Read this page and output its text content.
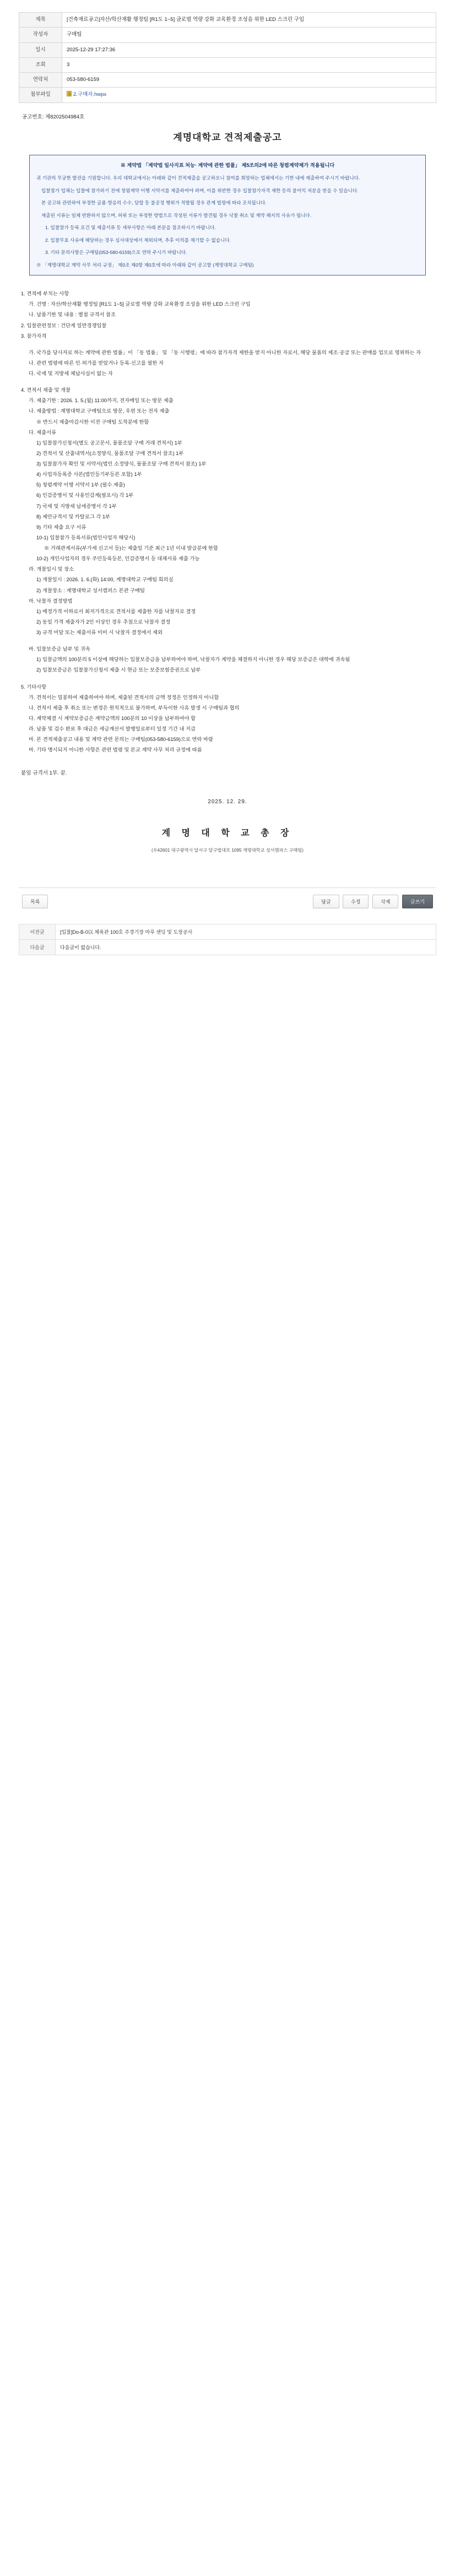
제목	[건축재료공고]자산/학산재활 행정팀 [R1도 1~5] 글로벌 역량 강화 교육환경 조성을 위한 LED 스크린 구입
작성자	구매팀
일시	2025-12-29 17:27:36
조회	3
연락처	053-580-6159
첨부파일	2.구매자.hwpx
공고번호: 제8202504984호
계명대학교 견적제출공고
※ 계약법 「계약법 일사지표 처능· 계약에 관한 법률」 제5조의2에 따른 청렴계약제가 적용됩니다

귀 기관의 무궁한 발전을 기원합니다. 우리 대학교에서는 아래와 같이 견적제출을 공고하오니 참여를 희망하는 업체에서는 기한 내에 제출하여 주시기 바랍니다.

입찰참가 업체는 입찰에 참가하기 전에 청렴계약 이행 서약서를 제출하여야 하며, 이를 위반한 경우 입찰참가자격 제한 등의 불이익 처분을 받을 수 있습니다.

본 공고와 관련하여 부정한 금품·향응의 수수, 담합 등 불공정 행위가 적발될 경우 관계 법령에 따라 조치됩니다.

제출된 서류는 일체 반환하지 않으며, 허위 또는 부정한 방법으로 작성된 서류가 발견될 경우 낙찰 취소 및 계약 해지의 사유가 됩니다.

1. 입찰참가 등록 요건 및 제출서류 등 세부사항은 아래 본문을 참조하시기 바랍니다.

2. 입찰무효 사유에 해당하는 경우 심사대상에서 제외되며, 추후 이의를 제기할 수 없습니다.

3. 기타 문의사항은 구매팀(053-580-6159)으로 연락 주시기 바랍니다.

※ 「계명대학교 계약 사무 처리 규정」 제0조 제0항 제0호에 따라 아래와 같이 공고함 (계명대학교 구매팀)

1. 견적에 부치는 사항
가. 건명 : 자산/학산재활 행정팀 [R1도 1~5] 글로벌 역량 강화 교육환경 조성을 위한 LED 스크린 구입
나. 납품기한 및 내용 : 별첨 규격서 참조
2. 입찰관련정보 : 건단계 일반경쟁입찰
3. 참가자격
가. 국가를 당사자로 하는 계약에 관한 법률」이 「동 법률」 및 「동 시행령」에 따라 참가자격 제한을 받지 아니한 자로서, 해당 물품의 제조·공급 또는 판매를 업으로 영위하는 자
나. 관련 법령에 따른 인·허가를 받았거나 등록·신고를 필한 자
다. 국세 및 지방세 체납사실이 없는 자
4. 견적서 제출 및 개찰
가. 제출기한 : 2026. 1. 5.(월) 11:00까지, 전자메일 또는 방문 제출
나. 제출방법 : 계명대학교 구매팀으로 방문, 우편 또는 전자 제출
※ 반드시 제출마감시한 이전 구매팀 도착분에 한함
다. 제출서류
1) 입찰참가신청서(별도 공고문서, 물품조달 구매 거래 견적서) 1부
2) 견적서 및 산출내역서(소정양식, 물품조달 구매 견적서 참조) 1부
3) 입찰참가자 확인 및 서약서(법인 소정양식, 물품조달 구매 견적서 참조) 1부
4) 사업자등록증 사본(법인등기부등본 포함) 1부
5) 청렴계약 이행 서약서 1부 (필수 제출)
6) 인감증명서 및 사용인감계(필요시) 각 1부
7) 국세 및 지방세 납세증명서 각 1부
8) 제안규격서 및 카탈로그 각 1부
9) 기타 제출 요구 서류
10-1) 입찰참가 등록서류(법인사업자 해당시)
※ 거래관계서류(부가세 신고서 등)는 제출일 기준 최근 1년 이내 발급분에 한함
10-2) 개인사업자의 경우 주민등록등본, 인감증명서 등 대체서류 제출 가능
라. 개찰일시 및 장소
1) 개찰일시 : 2026. 1. 6.(화) 14:00, 계명대학교 구매팀 회의실
2) 개찰장소 : 계명대학교 성서캠퍼스 본관 구매팀
마. 낙찰자 결정방법
1) 예정가격 이하로서 최저가격으로 견적서를 제출한 자를 낙찰자로 결정
2) 동일 가격 제출자가 2인 이상인 경우 추첨으로 낙찰자 결정
3) 규격 미달 또는 제출서류 미비 시 낙찰자 결정에서 제외
바. 입찰보증금 납부 및 귀속
1) 입찰금액의 100분의 5 이상에 해당하는 입찰보증금을 납부하여야 하며, 낙찰자가 계약을 체결하지 아니한 경우 해당 보증금은 대학에 귀속됨
2) 입찰보증금은 입찰참가신청서 제출 시 현금 또는 보증보험증권으로 납부
5. 기타사항
가. 견적서는 밀봉하여 제출하여야 하며, 제출된 견적서의 금액 정정은 인정하지 아니함
나. 견적서 제출 후 취소 또는 변경은 원칙적으로 불가하며, 부득이한 사유 발생 시 구매팀과 협의
다. 계약체결 시 계약보증금은 계약금액의 100분의 10 이상을 납부하여야 함
라. 납품 및 검수 완료 후 대금은 세금계산서 발행일로부터 일정 기간 내 지급
마. 본 견적제출공고 내용 및 계약 관련 문의는 구매팀(053-580-6159)으로 연락 바람
바. 기타 명시되지 아니한 사항은 관련 법령 및 본교 계약 사무 처리 규정에 따름
붙임 규격서 1부. 끝.
2025. 12. 29.
계 명 대 학 교 총 장
(우42601 대구광역시 달서구 달구벌대로 1095 계명대학교 성서캠퍼스 구매팀)
목록	답글	수정	삭제	글쓰기
이전글	[입찰]Do-B-0以 체육관 100호 주경기장 마루 샌딩 및 도장공사
다음글	다음글이 없습니다.
